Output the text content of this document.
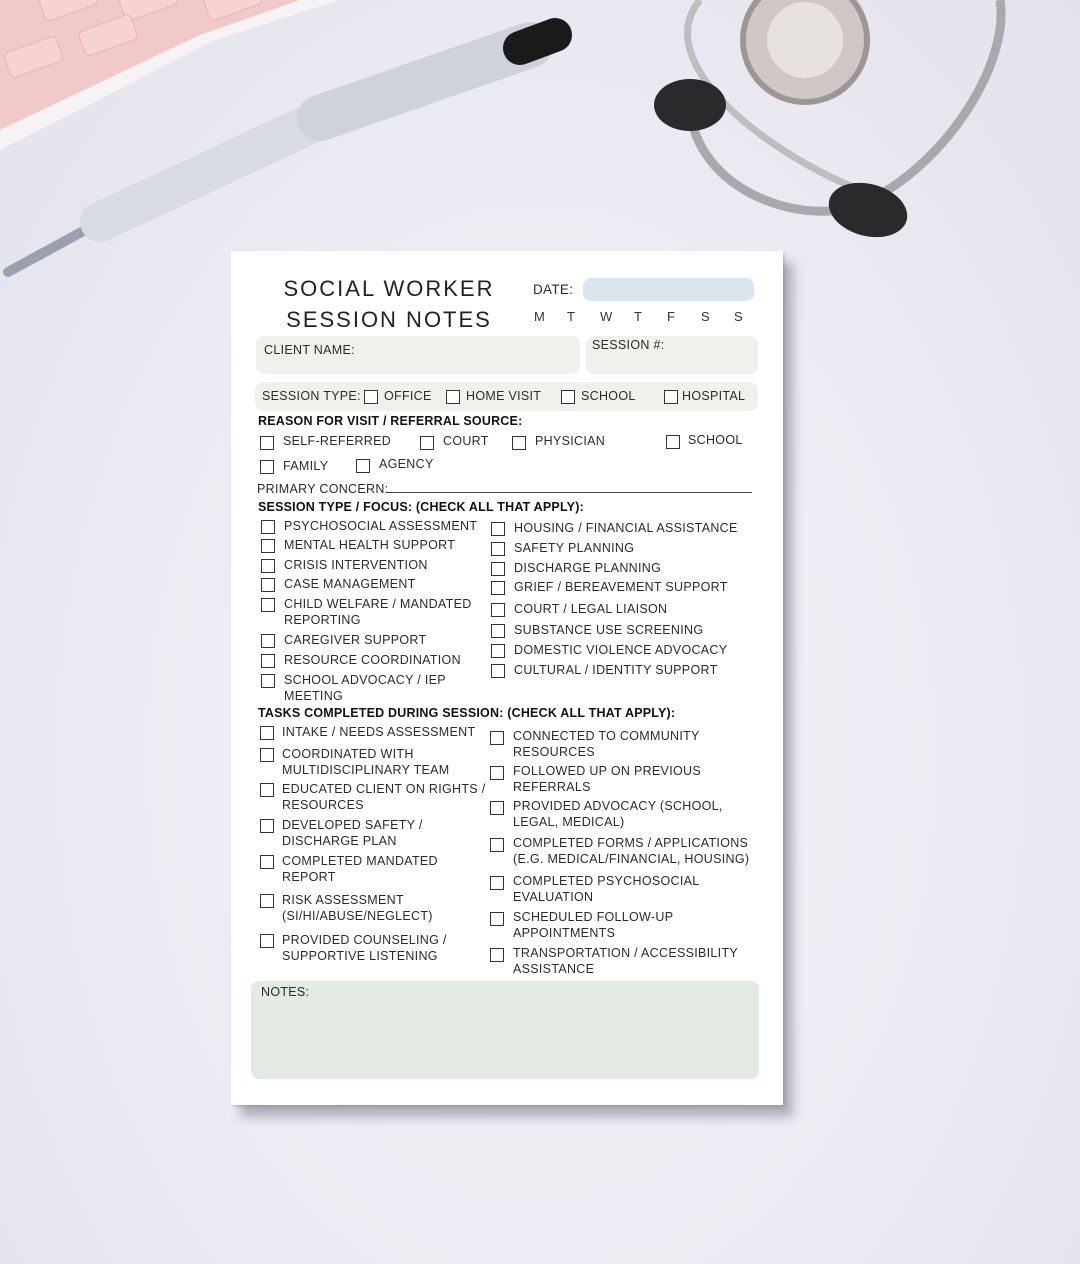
SOCIAL WORKER
SESSION NOTES
DATE:
CLIENT NAME:	SESSION #:
SESSION TYPE:
REASON FOR VISIT / REFERRAL SOURCE:
PRIMARY CONCERN:
SESSION TYPE / FOCUS: (CHECK ALL THAT APPLY):
TASKS COMPLETED DURING SESSION: (CHECK ALL THAT APPLY):
NOTES:
M T W T F S S
OFFICE	HOME VISIT	SCHOOL	HOSPITAL
SELF-REFERRED	COURT	PHYSICIAN	SCHOOL
FAMILY	AGENCY
PSYCHOSOCIAL ASSESSMENT
MENTAL HEALTH SUPPORT
CRISIS INTERVENTION
CASE MANAGEMENT
CHILD WELFARE / MANDATED
REPORTING
CAREGIVER SUPPORT
RESOURCE COORDINATION
SCHOOL ADVOCACY / IEP
MEETING
HOUSING / FINANCIAL ASSISTANCE
SAFETY PLANNING
DISCHARGE PLANNING
GRIEF / BEREAVEMENT SUPPORT
COURT / LEGAL LIAISON
SUBSTANCE USE SCREENING
DOMESTIC VIOLENCE ADVOCACY
CULTURAL / IDENTITY SUPPORT
INTAKE / NEEDS ASSESSMENT
COORDINATED WITH
MULTIDISCIPLINARY TEAM
EDUCATED CLIENT ON RIGHTS /
RESOURCES
DEVELOPED SAFETY /
DISCHARGE PLAN
COMPLETED MANDATED
REPORT
RISK ASSESSMENT
(SI/HI/ABUSE/NEGLECT)
PROVIDED COUNSELING /
SUPPORTIVE LISTENING
CONNECTED TO COMMUNITY
RESOURCES
FOLLOWED UP ON PREVIOUS
REFERRALS
PROVIDED ADVOCACY (SCHOOL,
LEGAL, MEDICAL)
COMPLETED FORMS / APPLICATIONS
(E.G. MEDICAL/FINANCIAL, HOUSING)
COMPLETED PSYCHOSOCIAL
EVALUATION
SCHEDULED FOLLOW-UP
APPOINTMENTS
TRANSPORTATION / ACCESSIBILITY
ASSISTANCE
